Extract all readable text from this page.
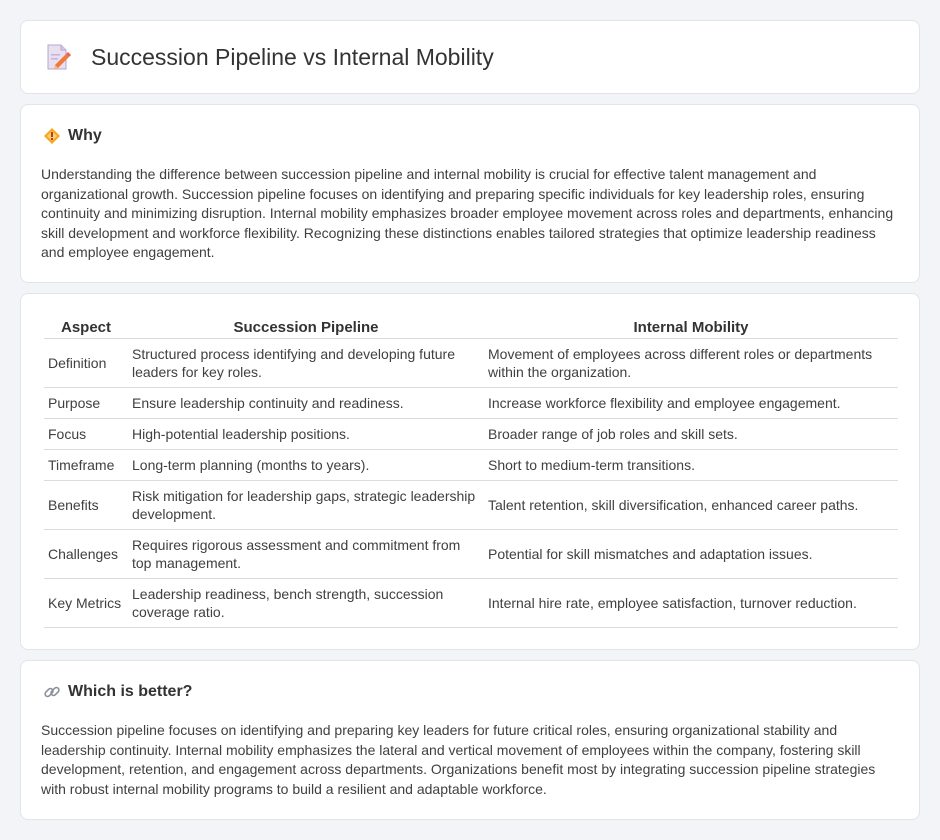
Succession Pipeline vs Internal Mobility
Why

Understanding the difference between succession pipeline and internal mobility is crucial for effective talent management and organizational growth. Succession pipeline focuses on identifying and preparing specific individuals for key leadership roles, ensuring continuity and minimizing disruption. Internal mobility emphasizes broader employee movement across roles and departments, enhancing skill development and workforce flexibility. Recognizing these distinctions enables tailored strategies that optimize leadership readiness and employee engagement.

Aspect	Succession Pipeline	Internal Mobility
Definition	Structured process identifying and developing future leaders for key roles.	Movement of employees across different roles or departments within the organization.
Purpose	Ensure leadership continuity and readiness.	Increase workforce flexibility and employee engagement.
Focus	High-potential leadership positions.	Broader range of job roles and skill sets.
Timeframe	Long-term planning (months to years).	Short to medium-term transitions.
Benefits	Risk mitigation for leadership gaps, strategic leadership development.	Talent retention, skill diversification, enhanced career paths.
Challenges	Requires rigorous assessment and commitment from top management.	Potential for skill mismatches and adaptation issues.
Key Metrics	Leadership readiness, bench strength, succession coverage ratio.	Internal hire rate, employee satisfaction, turnover reduction.
Which is better?

Succession pipeline focuses on identifying and preparing key leaders for future critical roles, ensuring organizational stability and leadership continuity. Internal mobility emphasizes the lateral and vertical movement of employees within the company, fostering skill development, retention, and engagement across departments. Organizations benefit most by integrating succession pipeline strategies with robust internal mobility programs to build a resilient and adaptable workforce.
